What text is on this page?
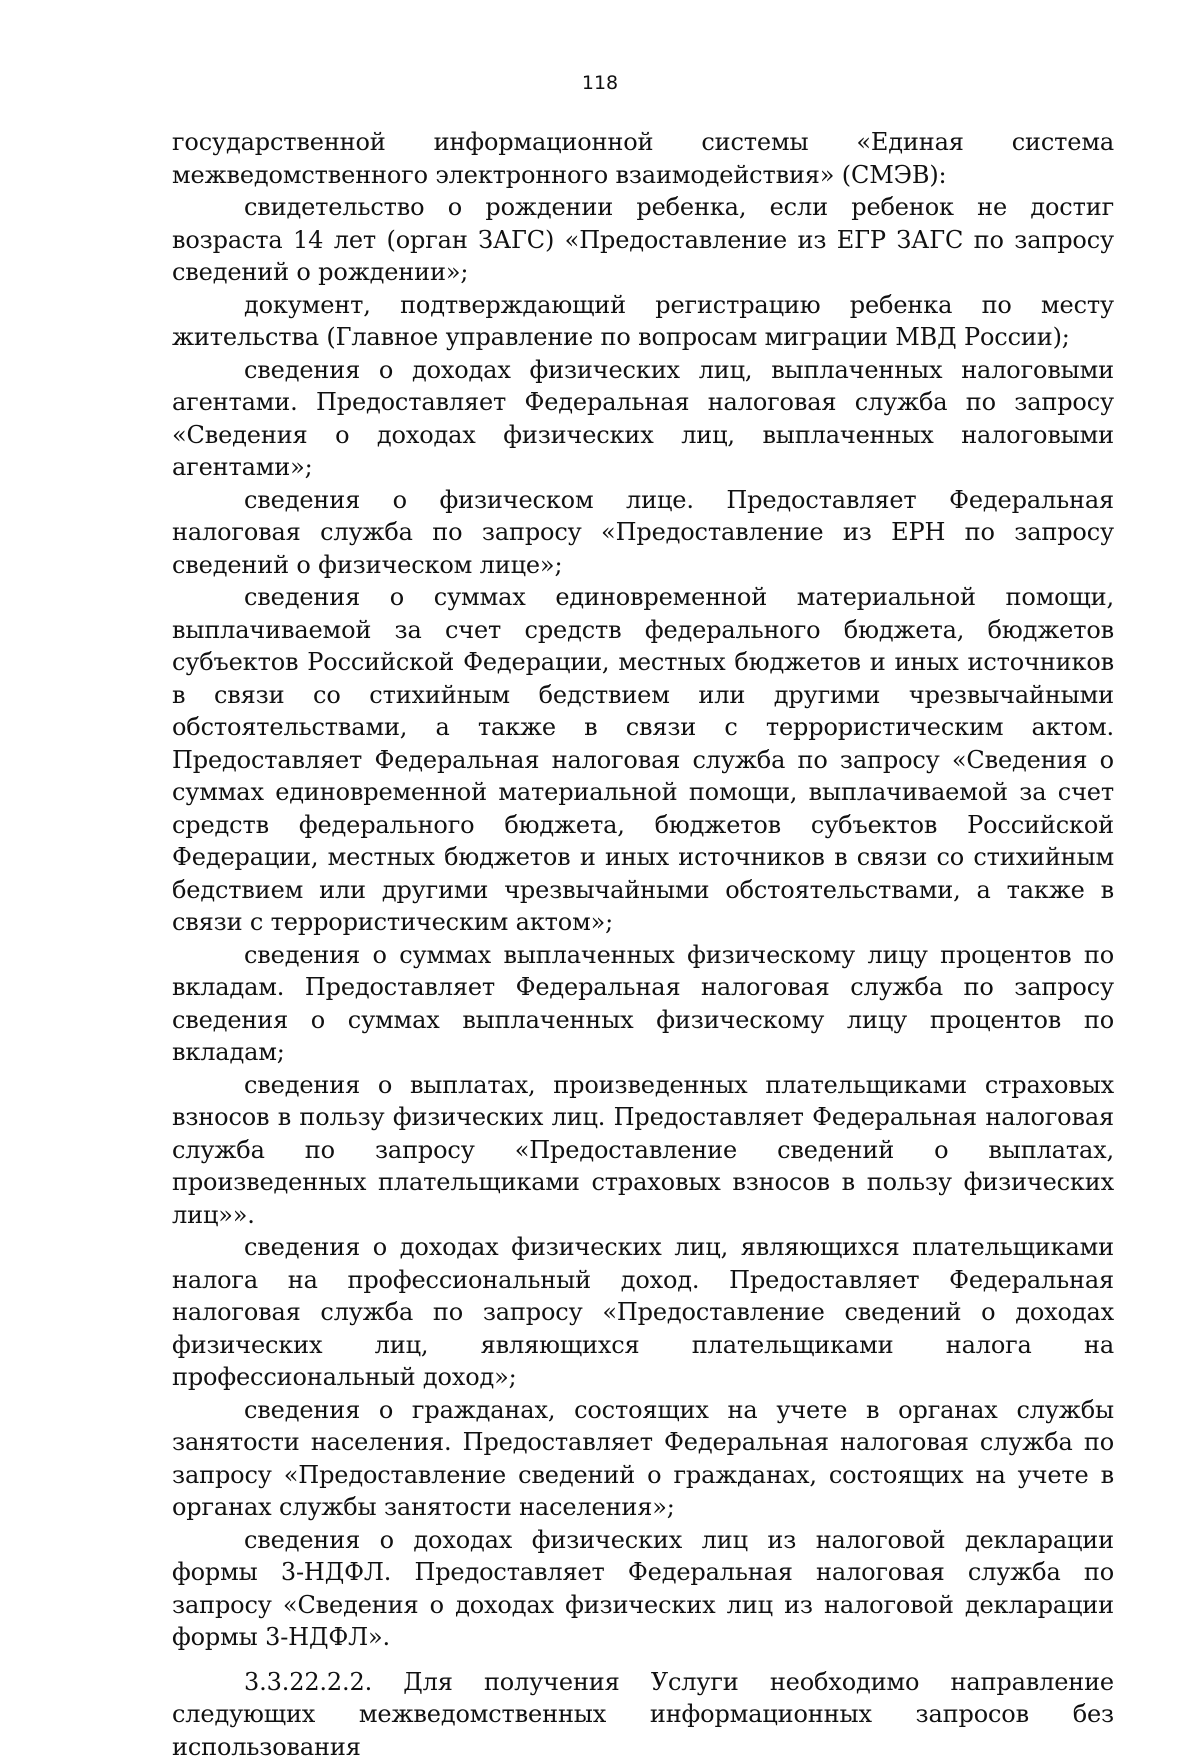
118

государственной информационной системы «Единая система межведомственного электронного взаимодействия» (СМЭВ):

свидетельство о рождении ребенка, если ребенок не достиг возраста 14 лет (орган ЗАГС) «Предоставление из ЕГР ЗАГС по запросу сведений о рождении»;

документ, подтверждающий регистрацию ребенка по месту жительства (Главное управление по вопросам миграции МВД России);

сведения о доходах физических лиц, выплаченных налоговыми агентами. Предоставляет Федеральная налоговая служба по запросу «Сведения о доходах физических лиц, выплаченных налоговыми агентами»;

сведения о физическом лице. Предоставляет Федеральная налоговая служба по запросу «Предоставление из ЕРН по запросу сведений о физическом лице»;

сведения о суммах единовременной материальной помощи, выплачиваемой за счет средств федерального бюджета, бюджетов субъектов Российской Федерации, местных бюджетов и иных источников в связи со стихийным бедствием или другими чрезвычайными обстоятельствами, а также в связи с террористическим актом. Предоставляет Федеральная налоговая служба по запросу «Сведения о суммах единовременной материальной помощи, выплачиваемой за счет средств федерального бюджета, бюджетов субъектов Российской Федерации, местных бюджетов и иных источников в связи со стихийным бедствием или другими чрезвычайными обстоятельствами, а также в связи с террористическим актом»;

сведения о суммах выплаченных физическому лицу процентов по вкладам. Предоставляет Федеральная налоговая служба по запросу сведения о суммах выплаченных физическому лицу процентов по вкладам;

сведения о выплатах, произведенных плательщиками страховых взносов в пользу физических лиц. Предоставляет Федеральная налоговая служба по запросу «Предоставление сведений о выплатах, произведенных плательщиками страховых взносов в пользу физических лиц»».

сведения о доходах физических лиц, являющихся плательщиками налога на профессиональный доход. Предоставляет Федеральная налоговая служба по запросу «Предоставление сведений о доходах физических лиц, являющихся плательщиками налога на профессиональный доход»;

сведения о гражданах, состоящих на учете в органах службы занятости населения. Предоставляет Федеральная налоговая служба по запросу «Предоставление сведений о гражданах, состоящих на учете в органах службы занятости населения»;

сведения о доходах физических лиц из налоговой декларации формы 3-НДФЛ. Предоставляет Федеральная налоговая служба по запросу «Сведения о доходах физических лиц из налоговой декларации формы 3-НДФЛ».

3.3.22.2.2. Для получения Услуги необходимо направление следующих межведомственных информационных запросов без использования
